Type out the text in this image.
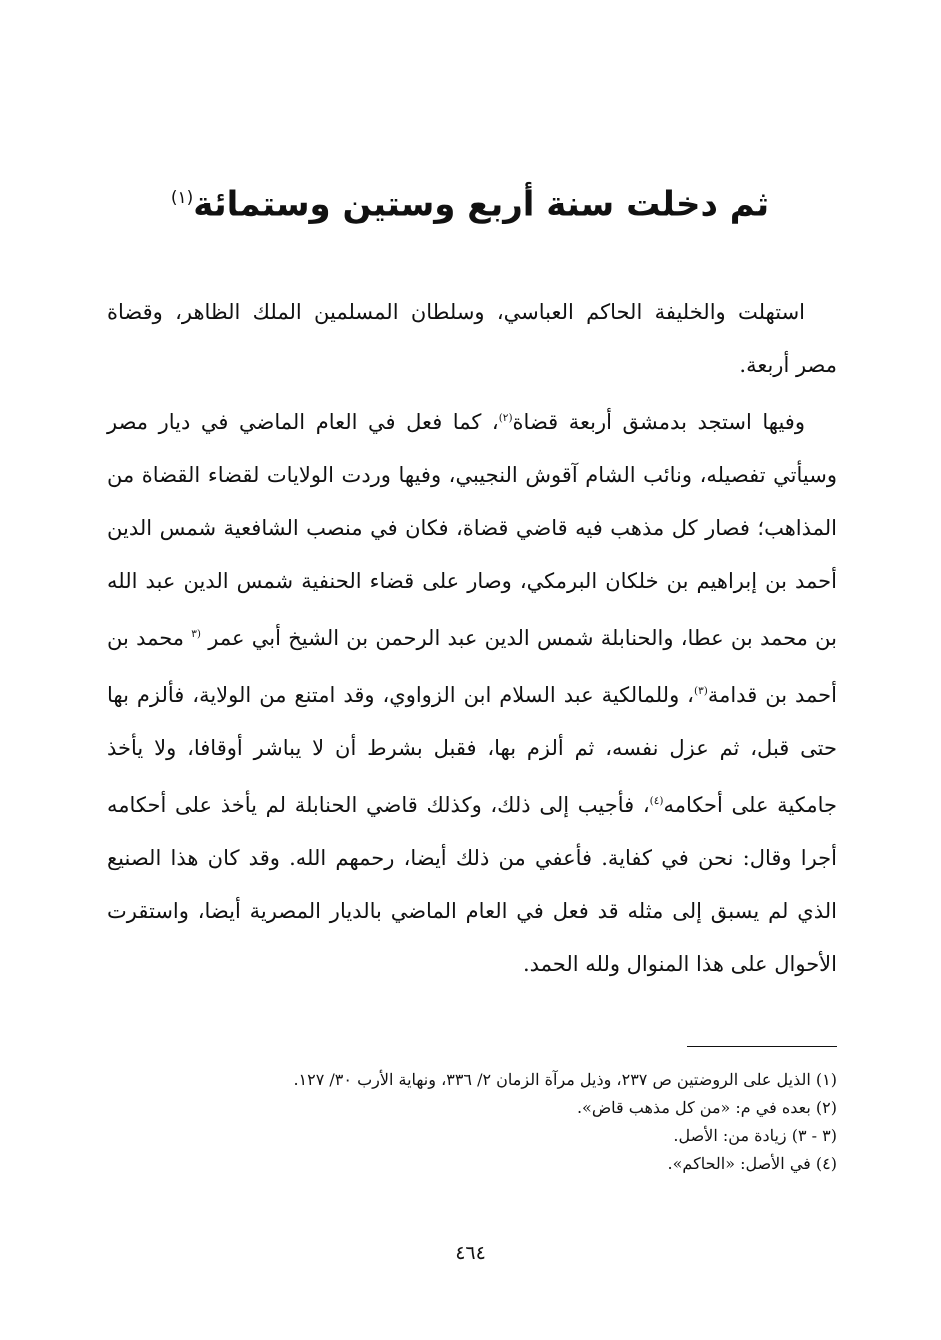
ثم دخلت سنة أربع وستين وستمائة$^{(١)}$

استهلت والخليفة الحاكم العباسي، وسلطان المسلمين الملك الظاهر، وقضاة مصر أربعة.

وفيها استجد بدمشق أربعة قضاة$^{(٢)}$، كما فعل في العام الماضي في ديار مصر وسيأتي تفصيله، ونائب الشام آقوش النجيبي، وفيها وردت الولايات لقضاء القضاة من المذاهب؛ فصار كل مذهب فيه قاضي قضاة، فكان في منصب الشافعية شمس الدين أحمد بن إبراهيم بن خلكان البرمكي، وصار على قضاء الحنفية شمس الدين عبد الله بن محمد بن عطا، والحنابلة شمس الدين عبد الرحمن بن الشيخ أبي عمر $^{(٣}$ محمد بن أحمد بن قدامة$^{(٣)}$، وللمالكية عبد السلام ابن الزواوي، وقد امتنع من الولاية، فألزم بها حتى قبل، ثم عزل نفسه، ثم ألزم بها، فقبل بشرط أن لا يباشر أوقافا، ولا يأخذ جامكية على أحكامه$^{(٤)}$، فأجيب إلى ذلك، وكذلك قاضي الحنابلة لم يأخذ على أحكامه أجرا وقال: نحن في كفاية. فأعفي من ذلك أيضا، رحمهم الله. وقد كان هذا الصنيع الذي لم يسبق إلى مثله قد فعل في العام الماضي بالديار المصرية أيضا، واستقرت الأحوال على هذا المنوال ولله الحمد.

(١) الذيل على الروضتين ص ٢٣٧، وذيل مرآة الزمان ٢/ ٣٣٦، ونهاية الأرب ٣٠/ ١٢٧.
(٢) بعده في م: «من كل مذهب قاض».
(٣ - ٣) زيادة من: الأصل.
(٤) في الأصل: «الحاكم».
٤٦٤
